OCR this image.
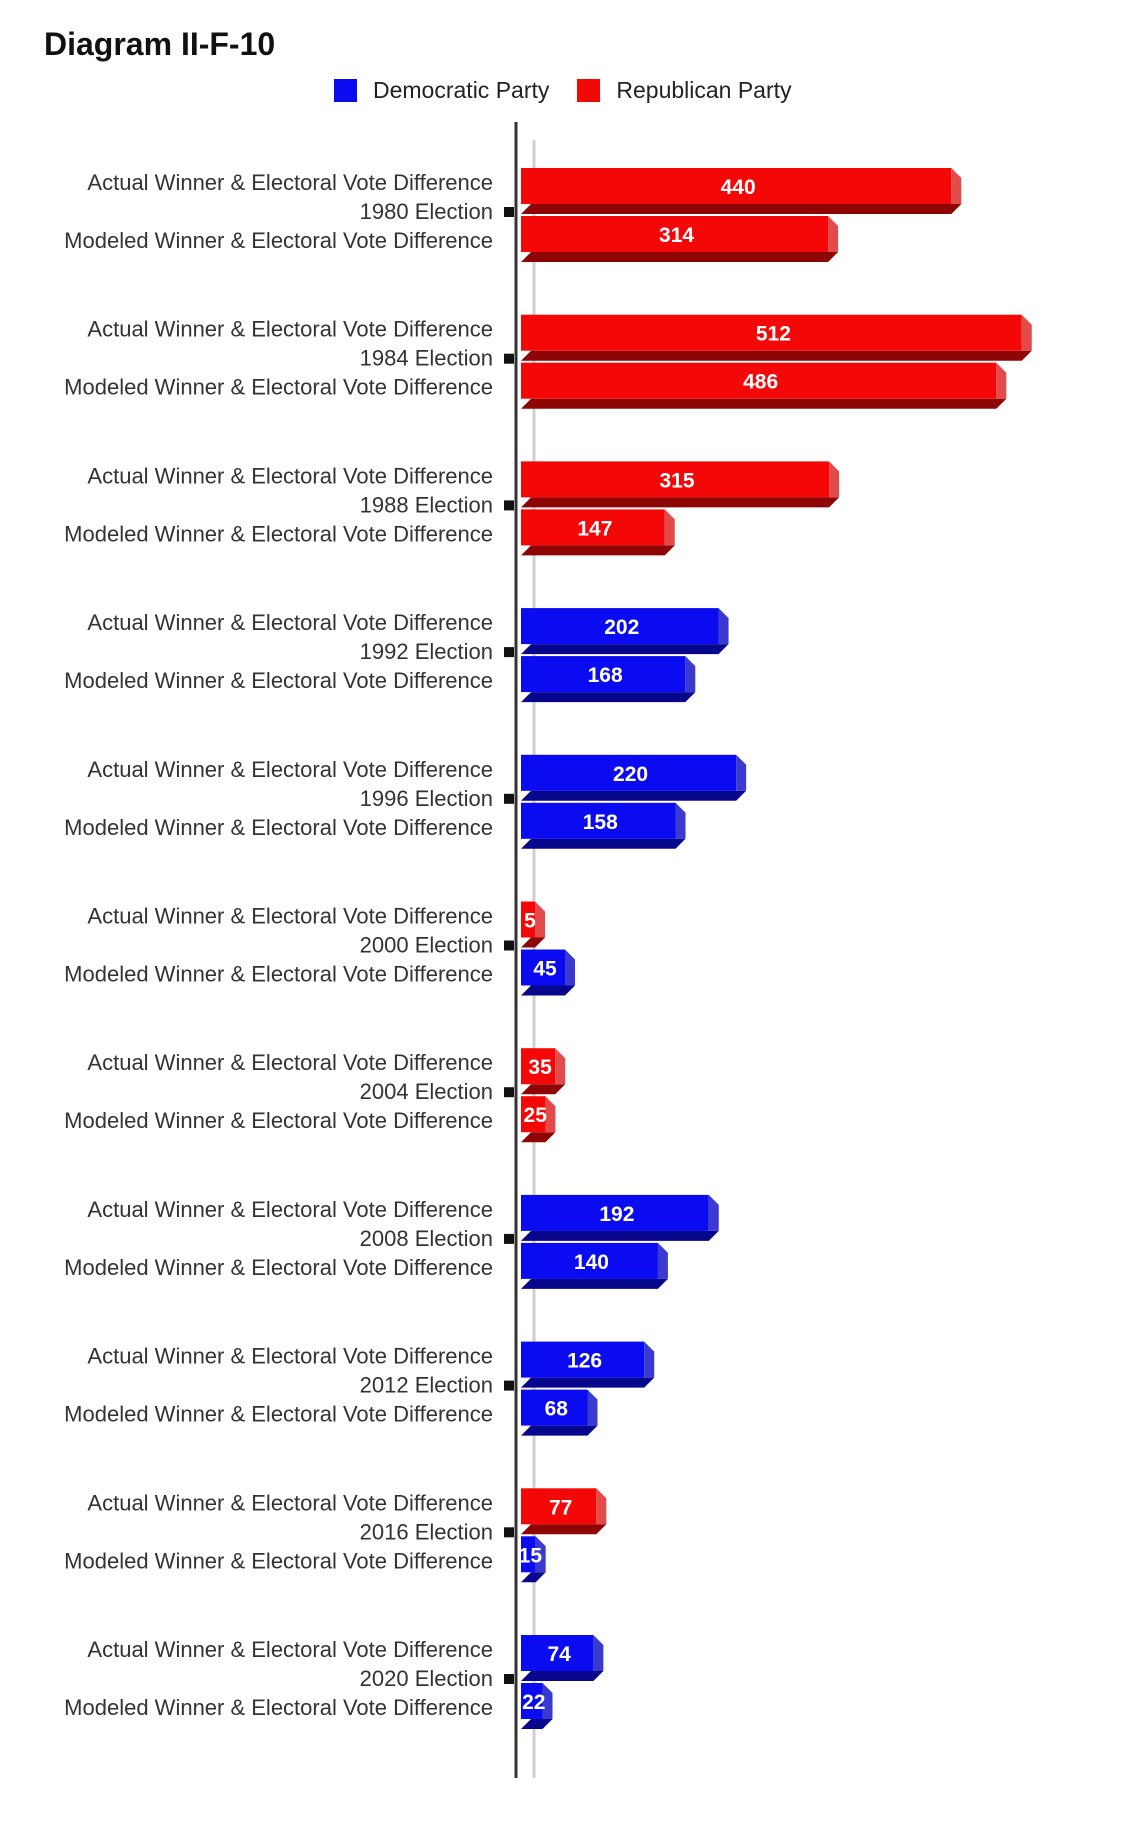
Diagram II-F-10
Democratic Party	Republican Party
Actual Winner & Electoral Vote Difference
1980 Election
Modeled Winner & Electoral Vote Difference
440
314
Actual Winner & Electoral Vote Difference
1984 Election
Modeled Winner & Electoral Vote Difference
512
486
Actual Winner & Electoral Vote Difference
1988 Election
Modeled Winner & Electoral Vote Difference
315
147
Actual Winner & Electoral Vote Difference
1992 Election
Modeled Winner & Electoral Vote Difference
202
168
Actual Winner & Electoral Vote Difference
1996 Election
Modeled Winner & Electoral Vote Difference
220
158
Actual Winner & Electoral Vote Difference
2000 Election
Modeled Winner & Electoral Vote Difference
5
45
Actual Winner & Electoral Vote Difference
2004 Election
Modeled Winner & Electoral Vote Difference
35
25
Actual Winner & Electoral Vote Difference
2008 Election
Modeled Winner & Electoral Vote Difference
192
140
Actual Winner & Electoral Vote Difference
2012 Election
Modeled Winner & Electoral Vote Difference
126
68
Actual Winner & Electoral Vote Difference
2016 Election
Modeled Winner & Electoral Vote Difference
77
15
Actual Winner & Electoral Vote Difference
2020 Election
Modeled Winner & Electoral Vote Difference
74
22
